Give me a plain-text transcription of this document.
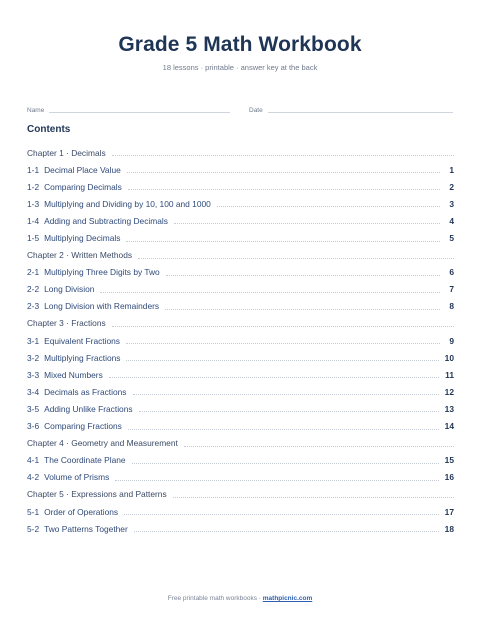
Grade 5 Math Workbook
18 lessons · printable · answer key at the back
Name	Date
Contents
Chapter 1 · Decimals
1-1 Decimal Place Value	1
1-2 Comparing Decimals	2
1-3 Multiplying and Dividing by 10, 100 and 1000	3
1-4 Adding and Subtracting Decimals	4
1-5 Multiplying Decimals	5
Chapter 2 · Written Methods
2-1 Multiplying Three Digits by Two	6
2-2 Long Division	7
2-3 Long Division with Remainders	8
Chapter 3 · Fractions
3-1 Equivalent Fractions	9
3-2 Multiplying Fractions	10
3-3 Mixed Numbers	11
3-4 Decimals as Fractions	12
3-5 Adding Unlike Fractions	13
3-6 Comparing Fractions	14
Chapter 4 · Geometry and Measurement
4-1 The Coordinate Plane	15
4-2 Volume of Prisms	16
Chapter 5 · Expressions and Patterns
5-1 Order of Operations	17
5-2 Two Patterns Together	18
Free printable math workbooks · mathpicnic.com
